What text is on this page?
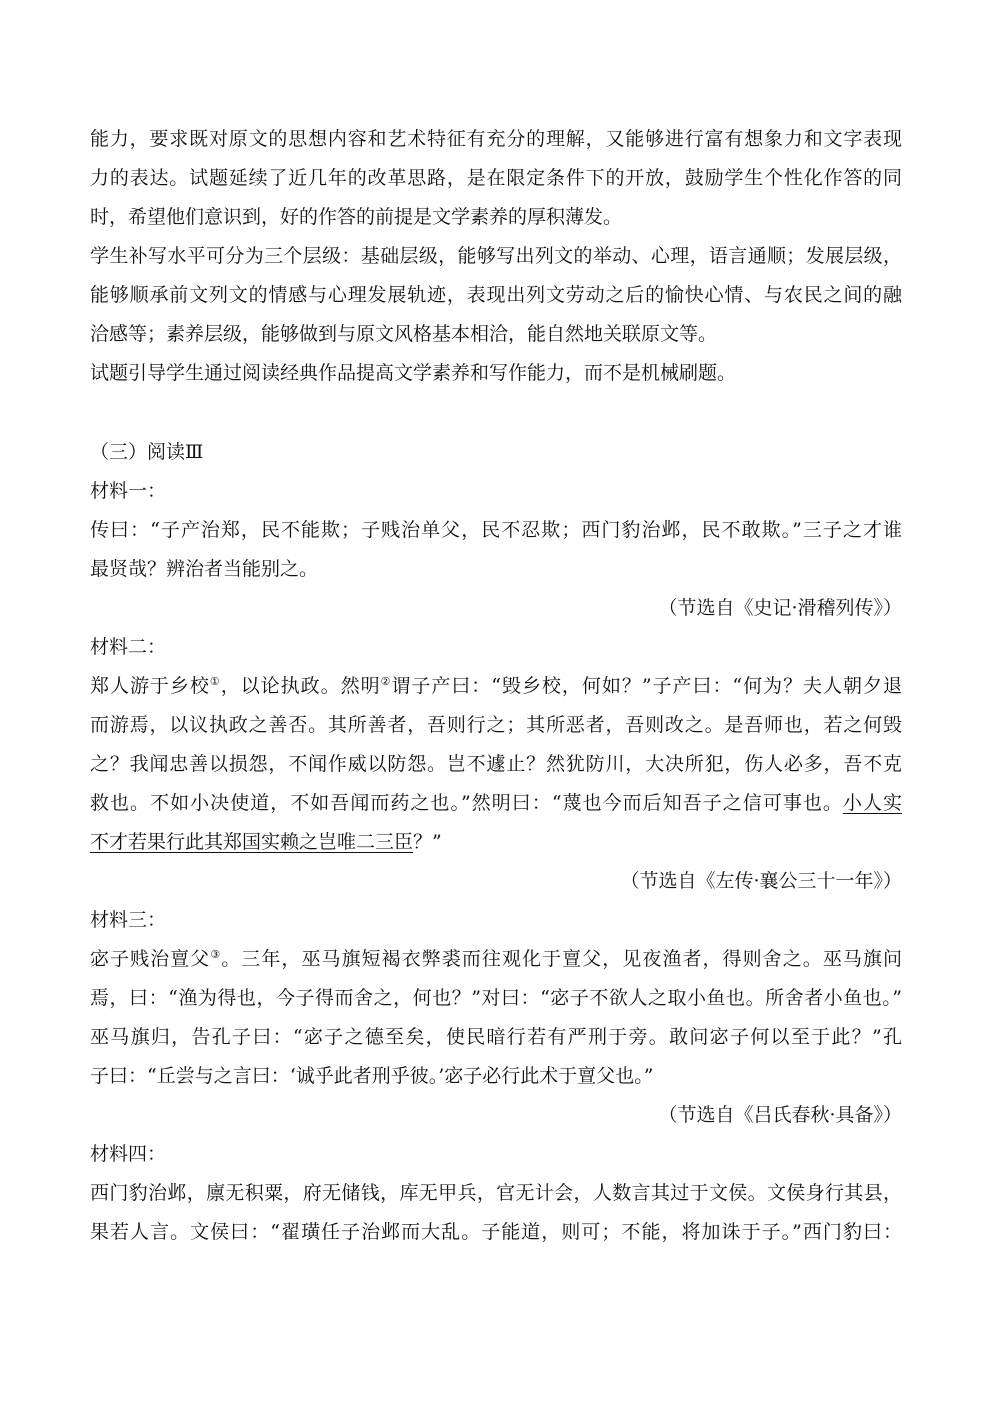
能力，要求既对原文的思想内容和艺术特征有充分的理解，又能够进行富有想象力和文字表现
力的表达。试题延续了近几年的改革思路，是在限定条件下的开放，鼓励学生个性化作答的同
时，希望他们意识到，好的作答的前提是文学素养的厚积薄发。
学生补写水平可分为三个层级：基础层级，能够写出列文的举动、心理，语言通顺；发展层级，
能够顺承前文列文的情感与心理发展轨迹，表现出列文劳动之后的愉快心情、与农民之间的融
洽感等；素养层级，能够做到与原文风格基本相洽，能自然地关联原文等。
试题引导学生通过阅读经典作品提高文学素养和写作能力，而不是机械刷题。
（三）阅读Ⅲ
材料一：
传曰：“子产治郑，民不能欺；子贱治单父，民不忍欺；西门豹治邺，民不敢欺。”三子之才谁
最贤哉？辨治者当能别之。
（节选自《史记·滑稽列传》）
材料二：
郑人游于乡校①，以论执政。然明②谓子产曰：“毁乡校，何如？”子产曰：“何为？夫人朝夕退
而游焉，以议执政之善否。其所善者，吾则行之；其所恶者，吾则改之。是吾师也，若之何毁
之？我闻忠善以损怨，不闻作威以防怨。岂不遽止？然犹防川，大决所犯，伤人必多，吾不克
救也。不如小决使道，不如吾闻而药之也。”然明曰：“蔑也今而后知吾子之信可事也。小人实
不才若果行此其郑国实赖之岂唯二三臣？”
（节选自《左传·襄公三十一年》）
材料三：
宓子贱治亶父③。三年，巫马旗短褐衣弊裘而往观化于亶父，见夜渔者，得则舍之。巫马旗问
焉，曰：“渔为得也，今子得而舍之，何也？”对曰：“宓子不欲人之取小鱼也。所舍者小鱼也。”
巫马旗归，告孔子曰：“宓子之德至矣，使民暗行若有严刑于旁。敢问宓子何以至于此？”孔
子曰：“丘尝与之言曰：‘诚乎此者刑乎彼。’宓子必行此术于亶父也。”
（节选自《吕氏春秋·具备》）
材料四：
西门豹治邺，廪无积粟，府无储钱，库无甲兵，官无计会，人数言其过于文侯。文侯身行其县，
果若人言。文侯曰：“翟璜任子治邺而大乱。子能道，则可；不能，将加诛于子。”西门豹曰：
